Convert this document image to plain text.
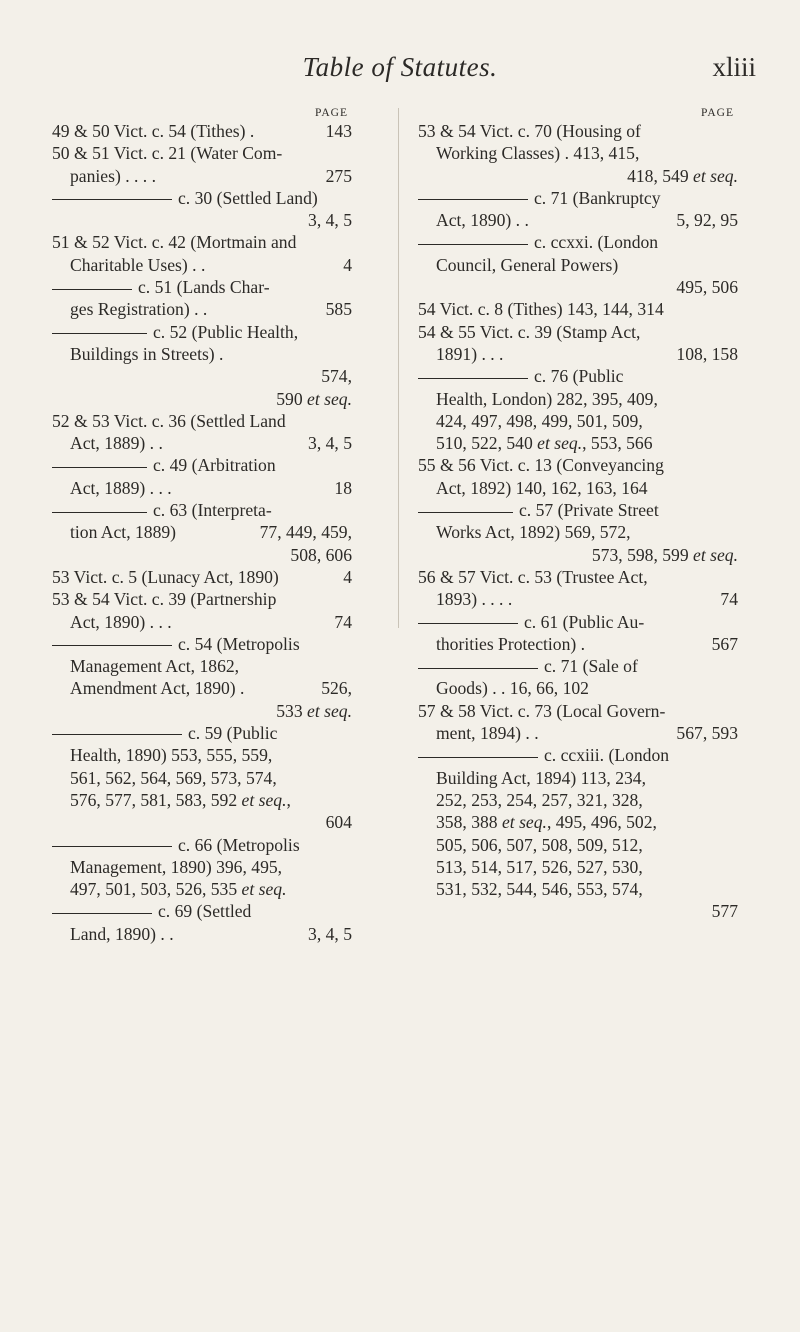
Table of Statutes.	xliii
PAGE
143
49 & 50 Vict. c. 54 (Tithes) .
50 & 51 Vict. c. 21 (Water Com-
275
panies) . . . .
c. 30 (Settled Land)
3, 4, 5
51 & 52 Vict. c. 42 (Mortmain and
4
Charitable Uses) . .
c. 51 (Lands Char-
585
ges Registration) . .
c. 52 (Public Health,
Buildings in Streets) .
574,
590 et seq.
52 & 53 Vict. c. 36 (Settled Land
3, 4, 5
Act, 1889) . .
c. 49 (Arbitration
18
Act, 1889) . . .
c. 63 (Interpreta-
77, 449, 459,
tion Act, 1889)
508, 606
4
53 Vict. c. 5 (Lunacy Act, 1890)
53 & 54 Vict. c. 39 (Partnership
74
Act, 1890) . . .
c. 54 (Metropolis
Management Act, 1862,
526,
Amendment Act, 1890) .
533 et seq.
c. 59 (Public
Health, 1890) 553, 555, 559,
561, 562, 564, 569, 573, 574,
576, 577, 581, 583, 592 et seq.,
604
c. 66 (Metropolis
Management, 1890) 396, 495,
497, 501, 503, 526, 535 et seq.
c. 69 (Settled
3, 4, 5
Land, 1890) . .
PAGE
53 & 54 Vict. c. 70 (Housing of
Working Classes) . 413, 415,
418, 549 et seq.
c. 71 (Bankruptcy
5, 92, 95
Act, 1890) . .
c. ccxxi. (London
Council, General Powers)
495, 506
54 Vict. c. 8 (Tithes) 143, 144, 314
54 & 55 Vict. c. 39 (Stamp Act,
108, 158
1891) . . .
c. 76 (Public
Health, London) 282, 395, 409,
424, 497, 498, 499, 501, 509,
510, 522, 540 et seq., 553, 566
55 & 56 Vict. c. 13 (Conveyancing
Act, 1892) 140, 162, 163, 164
c. 57 (Private Street
Works Act, 1892) 569, 572,
573, 598, 599 et seq.
56 & 57 Vict. c. 53 (Trustee Act,
74
1893) . . . .
c. 61 (Public Au-
567
thorities Protection) .
c. 71 (Sale of
Goods) . . 16, 66, 102
57 & 58 Vict. c. 73 (Local Govern-
567, 593
ment, 1894) . .
c. ccxiii. (London
Building Act, 1894) 113, 234,
252, 253, 254, 257, 321, 328,
358, 388 et seq., 495, 496, 502,
505, 506, 507, 508, 509, 512,
513, 514, 517, 526, 527, 530,
531, 532, 544, 546, 553, 574,
577
